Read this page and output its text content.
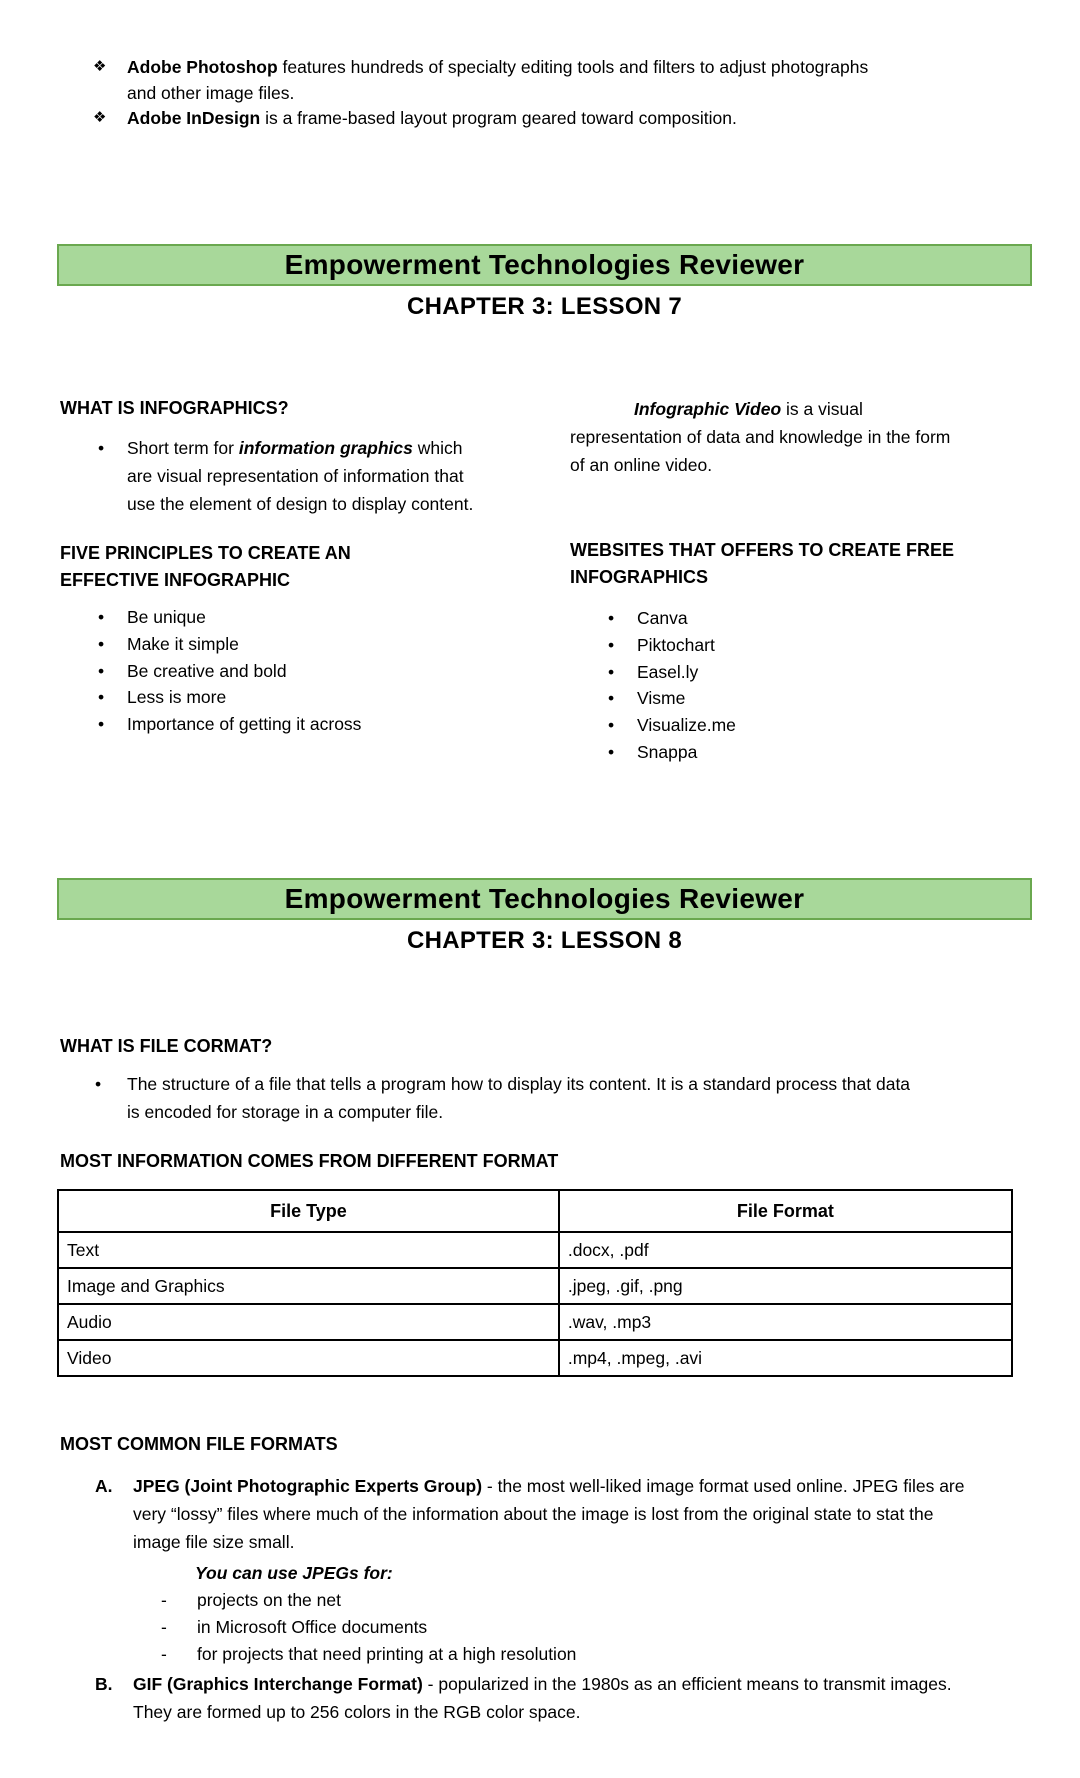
❖ Adobe Photoshop features hundreds of specialty editing tools and filters to adjust photographs and other image files.
❖ Adobe InDesign is a frame-based layout program geared toward composition.
Empowerment Technologies Reviewer
CHAPTER 3: LESSON 7
WHAT IS INFOGRAPHICS?
• Short term for information graphics which are visual representation of information that use the element of design to display content.
FIVE PRINCIPLES TO CREATE AN EFFECTIVE INFOGRAPHIC
• Be unique
• Make it simple
• Be creative and bold
• Less is more
• Importance of getting it across
Infographic Video is a visual representation of data and knowledge in the form of an online video.
WEBSITES THAT OFFERS TO CREATE FREE INFOGRAPHICS
• Canva
• Piktochart
• Easel.ly
• Visme
• Visualize.me
• Snappa
Empowerment Technologies Reviewer
CHAPTER 3: LESSON 8
WHAT IS FILE CORMAT?
• The structure of a file that tells a program how to display its content. It is a standard process that data is encoded for storage in a computer file.
MOST INFORMATION COMES FROM DIFFERENT FORMAT
File Type	File Format
Text	.docx, .pdf
Image and Graphics	.jpeg, .gif, .png
Audio	.wav, .mp3
Video	.mp4, .mpeg, .avi
MOST COMMON FILE FORMATS
A. JPEG (Joint Photographic Experts Group) - the most well-liked image format used online. JPEG files are very “lossy” files where much of the information about the image is lost from the original state to stat the image file size small.
You can use JPEGs for:
- projects on the net
- in Microsoft Office documents
- for projects that need printing at a high resolution
B. GIF (Graphics Interchange Format) - popularized in the 1980s as an efficient means to transmit images. They are formed up to 256 colors in the RGB color space.
